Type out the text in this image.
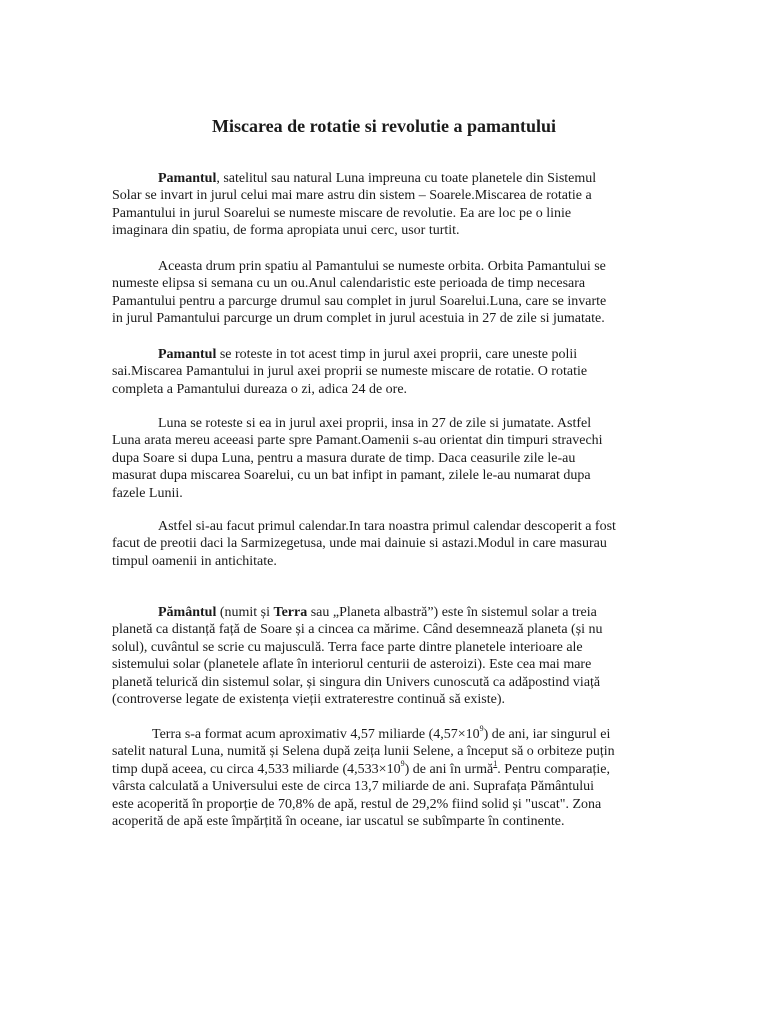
Miscarea de rotatie si revolutie a pamantului

Pamantul, satelitul sau natural Luna impreuna cu toate planetele din Sistemul
Solar se invart in jurul celui mai mare astru din sistem – Soarele.Miscarea de rotatie a
Pamantului in jurul Soarelui se numeste miscare de revolutie. Ea are loc pe o linie
imaginara din spatiu, de forma apropiata unui cerc, usor turtit.

Aceasta drum prin spatiu al Pamantului se numeste orbita. Orbita Pamantului se
numeste elipsa si semana cu un ou.Anul calendaristic este perioada de timp necesara
Pamantului pentru a parcurge drumul sau complet in jurul Soarelui.Luna, care se invarte
in jurul Pamantului parcurge un drum complet in jurul acestuia in 27 de zile si jumatate.

Pamantul se roteste in tot acest timp in jurul axei proprii, care uneste polii
sai.Miscarea Pamantului in jurul axei proprii se numeste miscare de rotatie. O rotatie
completa a Pamantului dureaza o zi, adica 24 de ore.

Luna se roteste si ea in jurul axei proprii, insa in 27 de zile si jumatate. Astfel
Luna arata mereu aceeasi parte spre Pamant.Oamenii s-au orientat din timpuri stravechi
dupa Soare si dupa Luna, pentru a masura durate de timp. Daca ceasurile zile le-au
masurat dupa miscarea Soarelui, cu un bat infipt in pamant, zilele le-au numarat dupa
fazele Lunii.

Astfel si-au facut primul calendar.In tara noastra primul calendar descoperit a fost
facut de preotii daci la Sarmizegetusa, unde mai dainuie si astazi.Modul in care masurau
timpul oamenii in antichitate.

Pământul (numit și Terra sau „Planeta albastră”) este în sistemul solar a treia
planetă ca distanță față de Soare și a cincea ca mărime. Când desemnează planeta (și nu
solul), cuvântul se scrie cu majusculă. Terra face parte dintre planetele interioare ale
sistemului solar (planetele aflate în interiorul centurii de asteroizi). Este cea mai mare
planetă telurică din sistemul solar, și singura din Univers cunoscută ca adăpostind viață
(controverse legate de existența vieții extraterestre continuă să existe).

Terra s-a format acum aproximativ 4,57 miliarde $(4,57\times 10^9)$ de ani, iar singurul ei
satelit natural Luna, numită și Selena după zeița lunii Selene, a început să o orbiteze puțin
timp după aceea, cu circa 4,533 miliarde $(4,533\times 10^9)$ de ani în urmă$^1$. Pentru comparație,
vârsta calculată a Universului este de circa 13,7 miliarde de ani. Suprafața Pământului
este acoperită în proporție de 70,8% de apă, restul de 29,2% fiind solid și "uscat". Zona
acoperită de apă este împărțită în oceane, iar uscatul se subîmparte în continente.
